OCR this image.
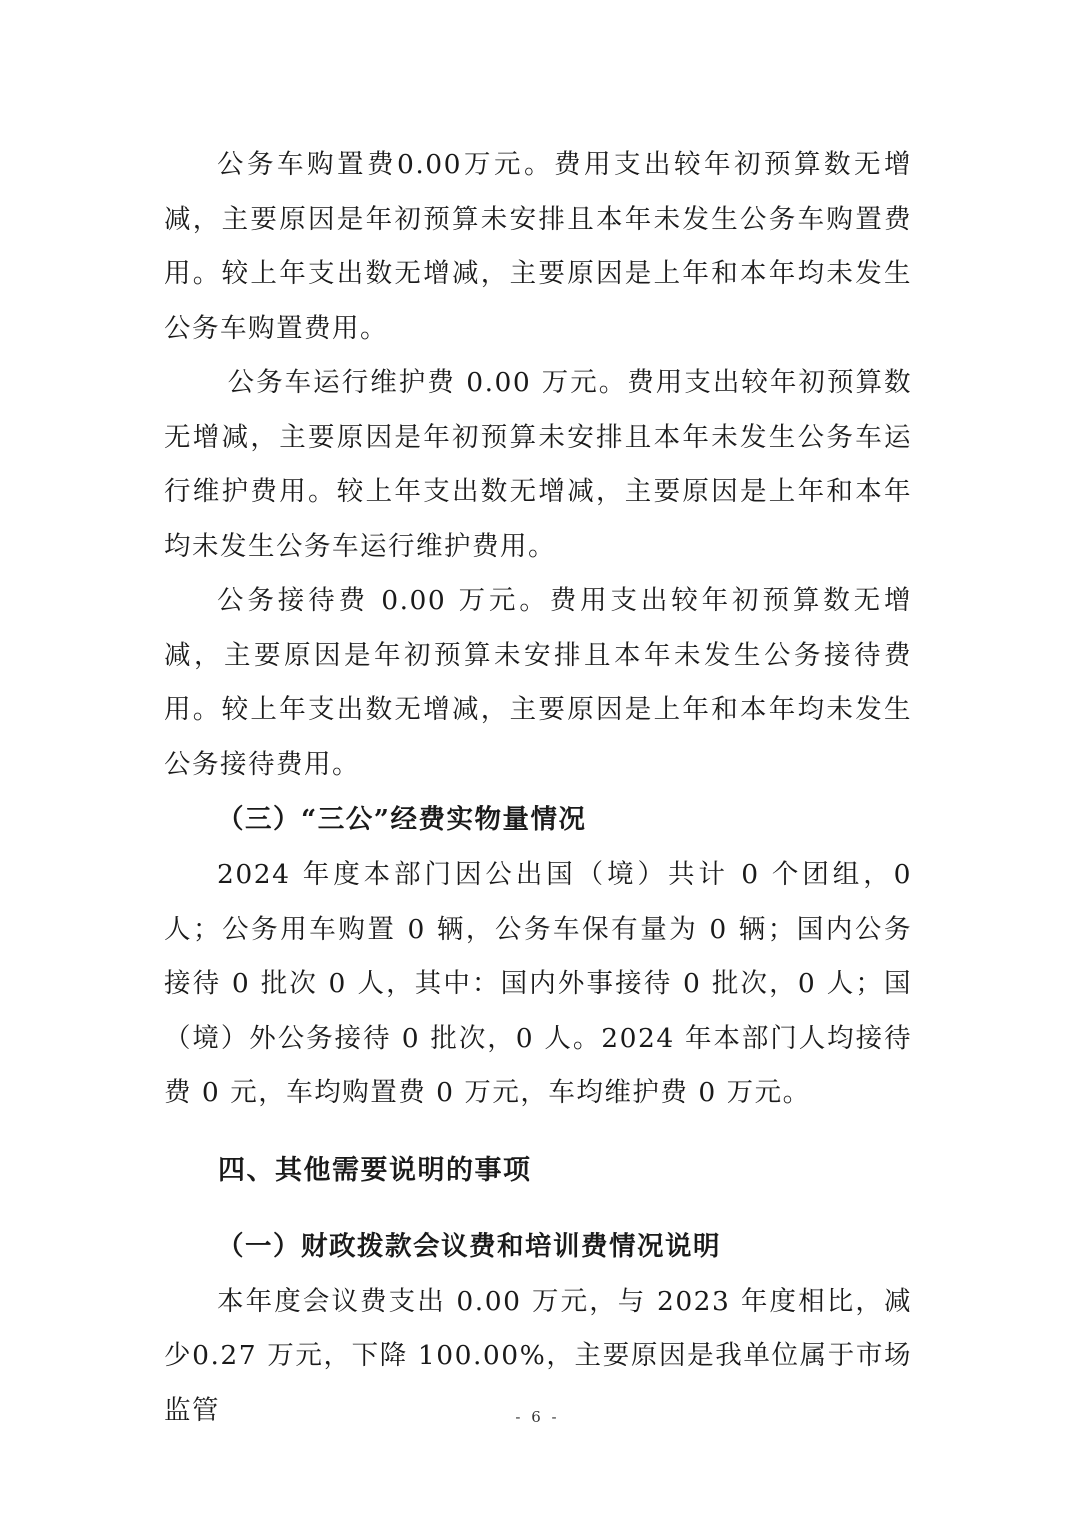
公务车购置费0.00万元。费用支出较年初预算数无增减，主要原因是年初预算未安排且本年未发生公务车购置费用。较上年支出数无增减，主要原因是上年和本年均未发生公务车购置费用。

公务车运行维护费 0.00 万元。费用支出较年初预算数无增减，主要原因是年初预算未安排且本年未发生公务车运行维护费用。较上年支出数无增减，主要原因是上年和本年均未发生公务车运行维护费用。

公务接待费 0.00 万元。费用支出较年初预算数无增减，主要原因是年初预算未安排且本年未发生公务接待费用。较上年支出数无增减，主要原因是上年和本年均未发生公务接待费用。

（三）“三公”经费实物量情况

2024 年度本部门因公出国（境）共计 0 个团组，0 人；公务用车购置 0 辆，公务车保有量为 0 辆；国内公务接待 0 批次 0 人，其中：国内外事接待 0 批次，0 人；国（境）外公务接待 0 批次，0 人。2024 年本部门人均接待费 0 元，车均购置费 0 万元，车均维护费 0 万元。

四、其他需要说明的事项

（一）财政拨款会议费和培训费情况说明

本年度会议费支出 0.00 万元，与 2023 年度相比，减少0.27 万元，下降 100.00%，主要原因是我单位属于市场监管	- 6 -
